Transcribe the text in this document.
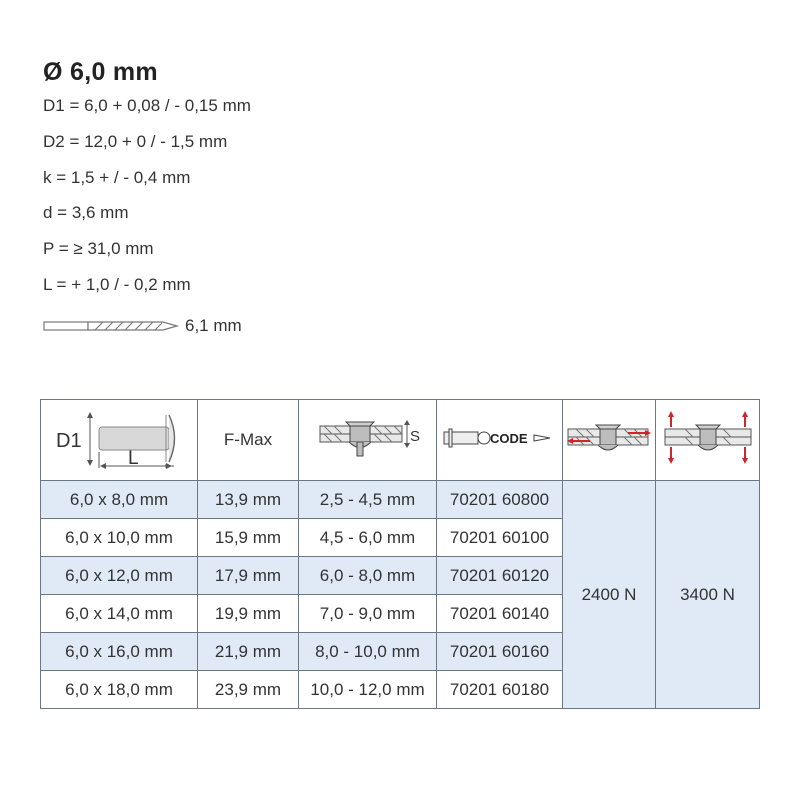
Ø 6,0 mm
D1 = 6,0 + 0,08 / - 0,15 mm
D2 = 12,0 + 0 / - 1,5 mm
k = 1,5 + / - 0,4 mm
d = 3,6 mm
P = ≥ 31,0 mm
L = + 1,0 / - 0,2 mm
6,1 mm
D1
L	F-Max	S	CODE

6,0 x 8,0 mm	13,9 mm	2,5 - 4,5 mm	70201 60800	2400 N	3400 N
6,0 x 10,0 mm	15,9 mm	4,5 - 6,0 mm	70201 60100		
6,0 x 12,0 mm	17,9 mm	6,0 - 8,0 mm	70201 60120		
6,0 x 14,0 mm	19,9 mm	7,0 - 9,0 mm	70201 60140		
6,0 x 16,0 mm	21,9 mm	8,0 - 10,0 mm	70201 60160		
6,0 x 18,0 mm	23,9 mm	10,0 - 12,0 mm	70201 60180		
